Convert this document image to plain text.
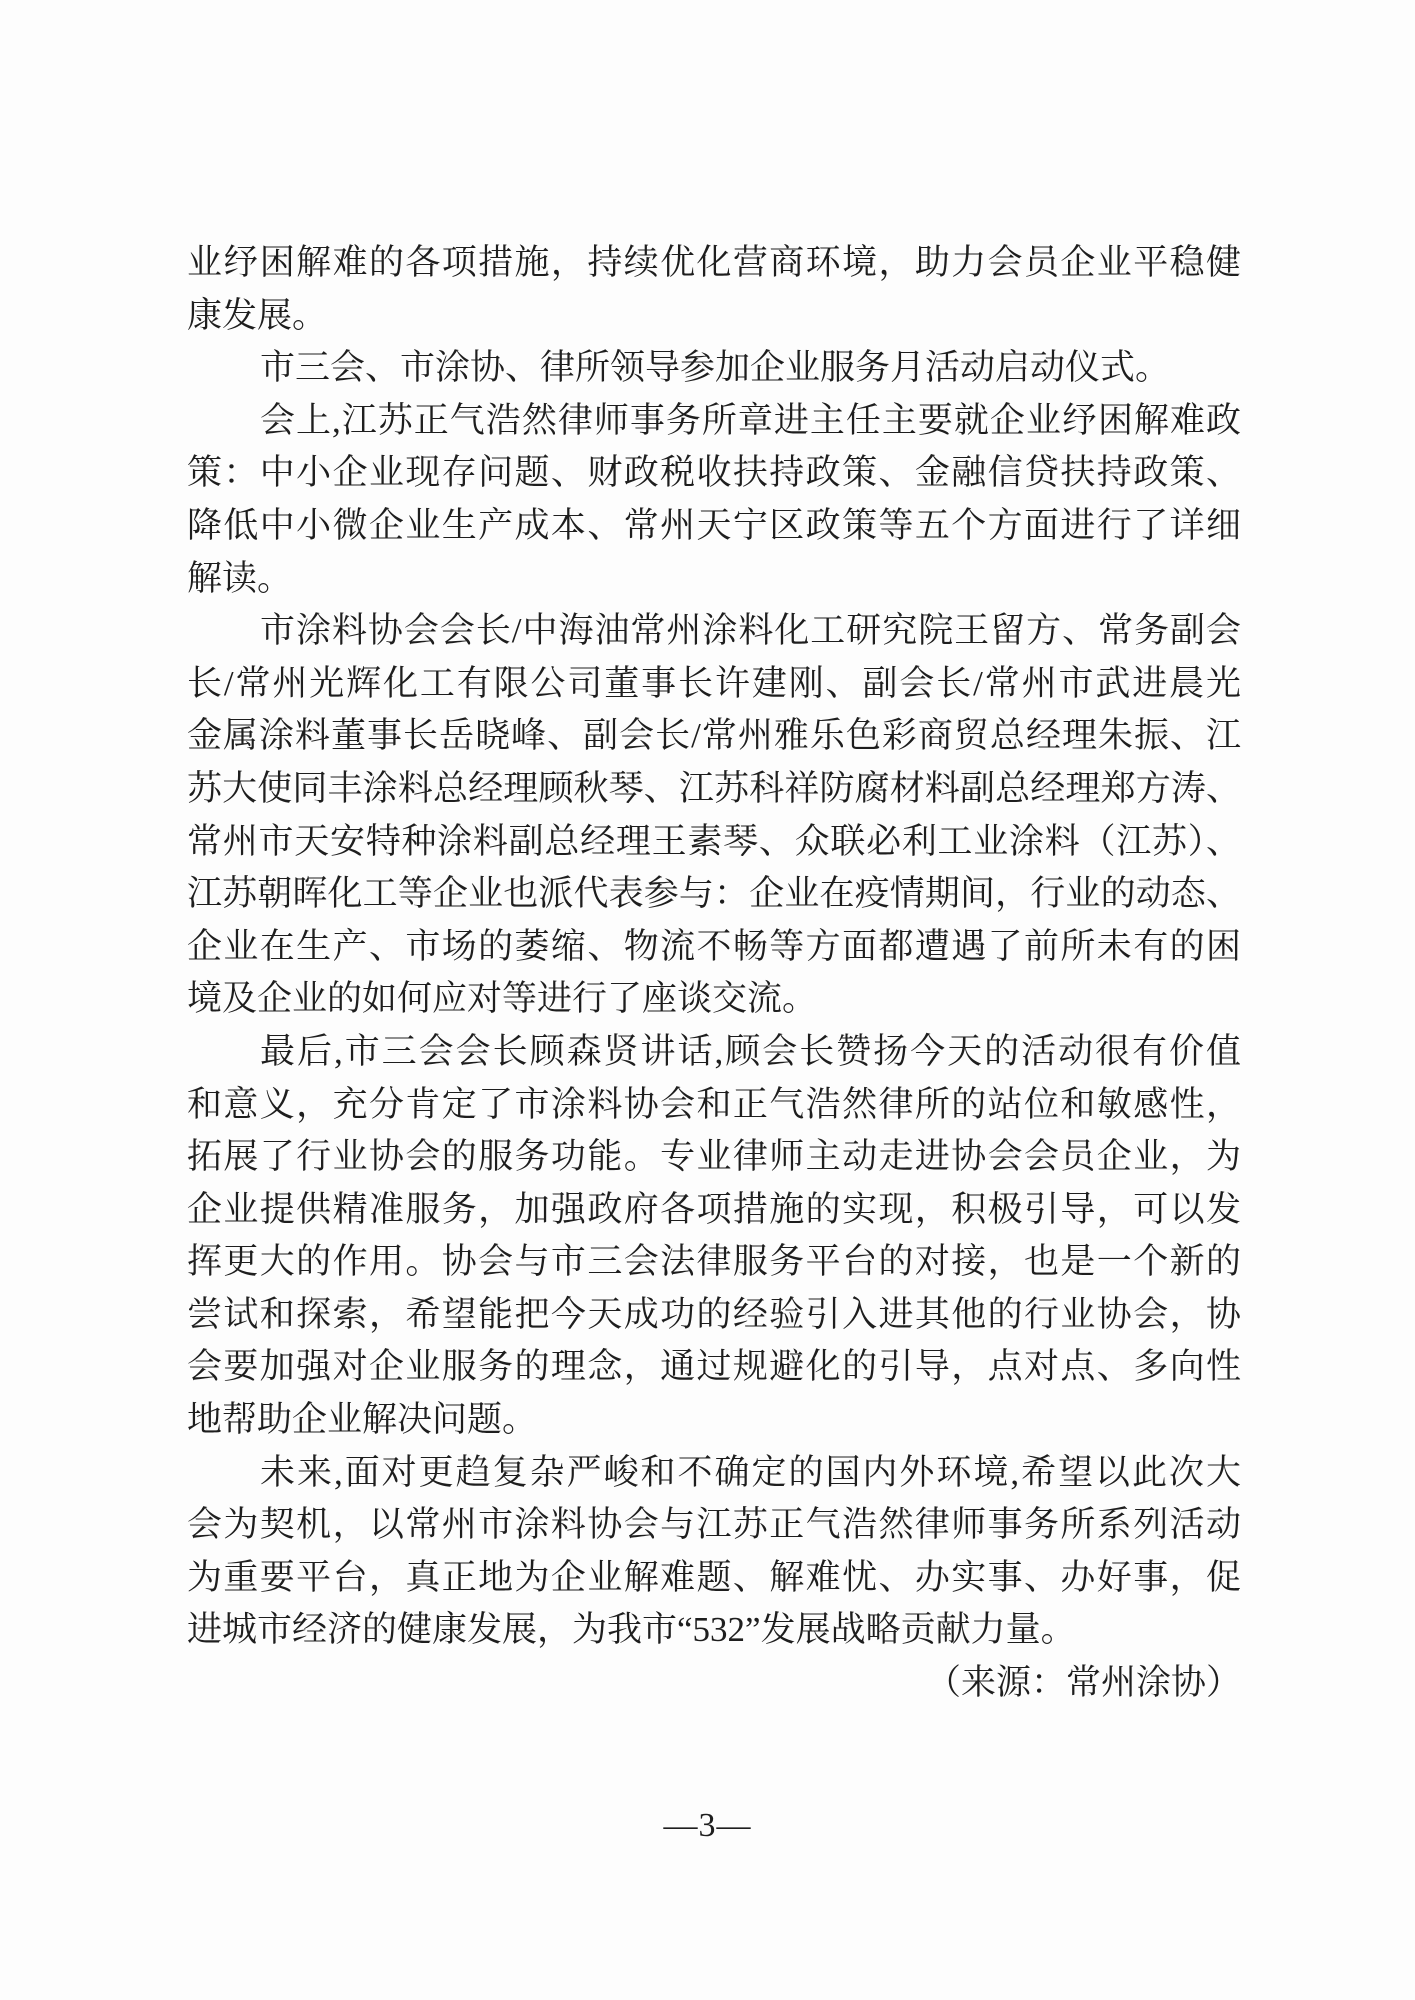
业纾困解难的各项措施，持续优化营商环境，助力会员企业平稳健

康发展。

市三会、市涂协、律所领导参加企业服务月活动启动仪式。

会上,江苏正气浩然律师事务所章进主任主要就企业纾困解难政

策：中小企业现存问题、财政税收扶持政策、金融信贷扶持政策、

降低中小微企业生产成本、常州天宁区政策等五个方面进行了详细

解读。

市涂料协会会长/中海油常州涂料化工研究院王留方、常务副会

长/常州光辉化工有限公司董事长许建刚、副会长/常州市武进晨光

金属涂料董事长岳晓峰、副会长/常州雅乐色彩商贸总经理朱振、江

苏大使同丰涂料总经理顾秋琴、江苏科祥防腐材料副总经理郑方涛、

常州市天安特种涂料副总经理王素琴、众联必利工业涂料（江苏）、

江苏朝晖化工等企业也派代表参与：企业在疫情期间，行业的动态、

企业在生产、市场的萎缩、物流不畅等方面都遭遇了前所未有的困

境及企业的如何应对等进行了座谈交流。

最后,市三会会长顾森贤讲话,顾会长赞扬今天的活动很有价值

和意义，充分肯定了市涂料协会和正气浩然律所的站位和敏感性，

拓展了行业协会的服务功能。专业律师主动走进协会会员企业，为

企业提供精准服务，加强政府各项措施的实现，积极引导，可以发

挥更大的作用。协会与市三会法律服务平台的对接，也是一个新的

尝试和探索，希望能把今天成功的经验引入进其他的行业协会，协

会要加强对企业服务的理念，通过规避化的引导，点对点、多向性

地帮助企业解决问题。

未来,面对更趋复杂严峻和不确定的国内外环境,希望以此次大

会为契机，以常州市涂料协会与江苏正气浩然律师事务所系列活动

为重要平台，真正地为企业解难题、解难忧、办实事、办好事，促

进城市经济的健康发展，为我市“532”发展战略贡献力量。

（来源：常州涂协）

—3—
